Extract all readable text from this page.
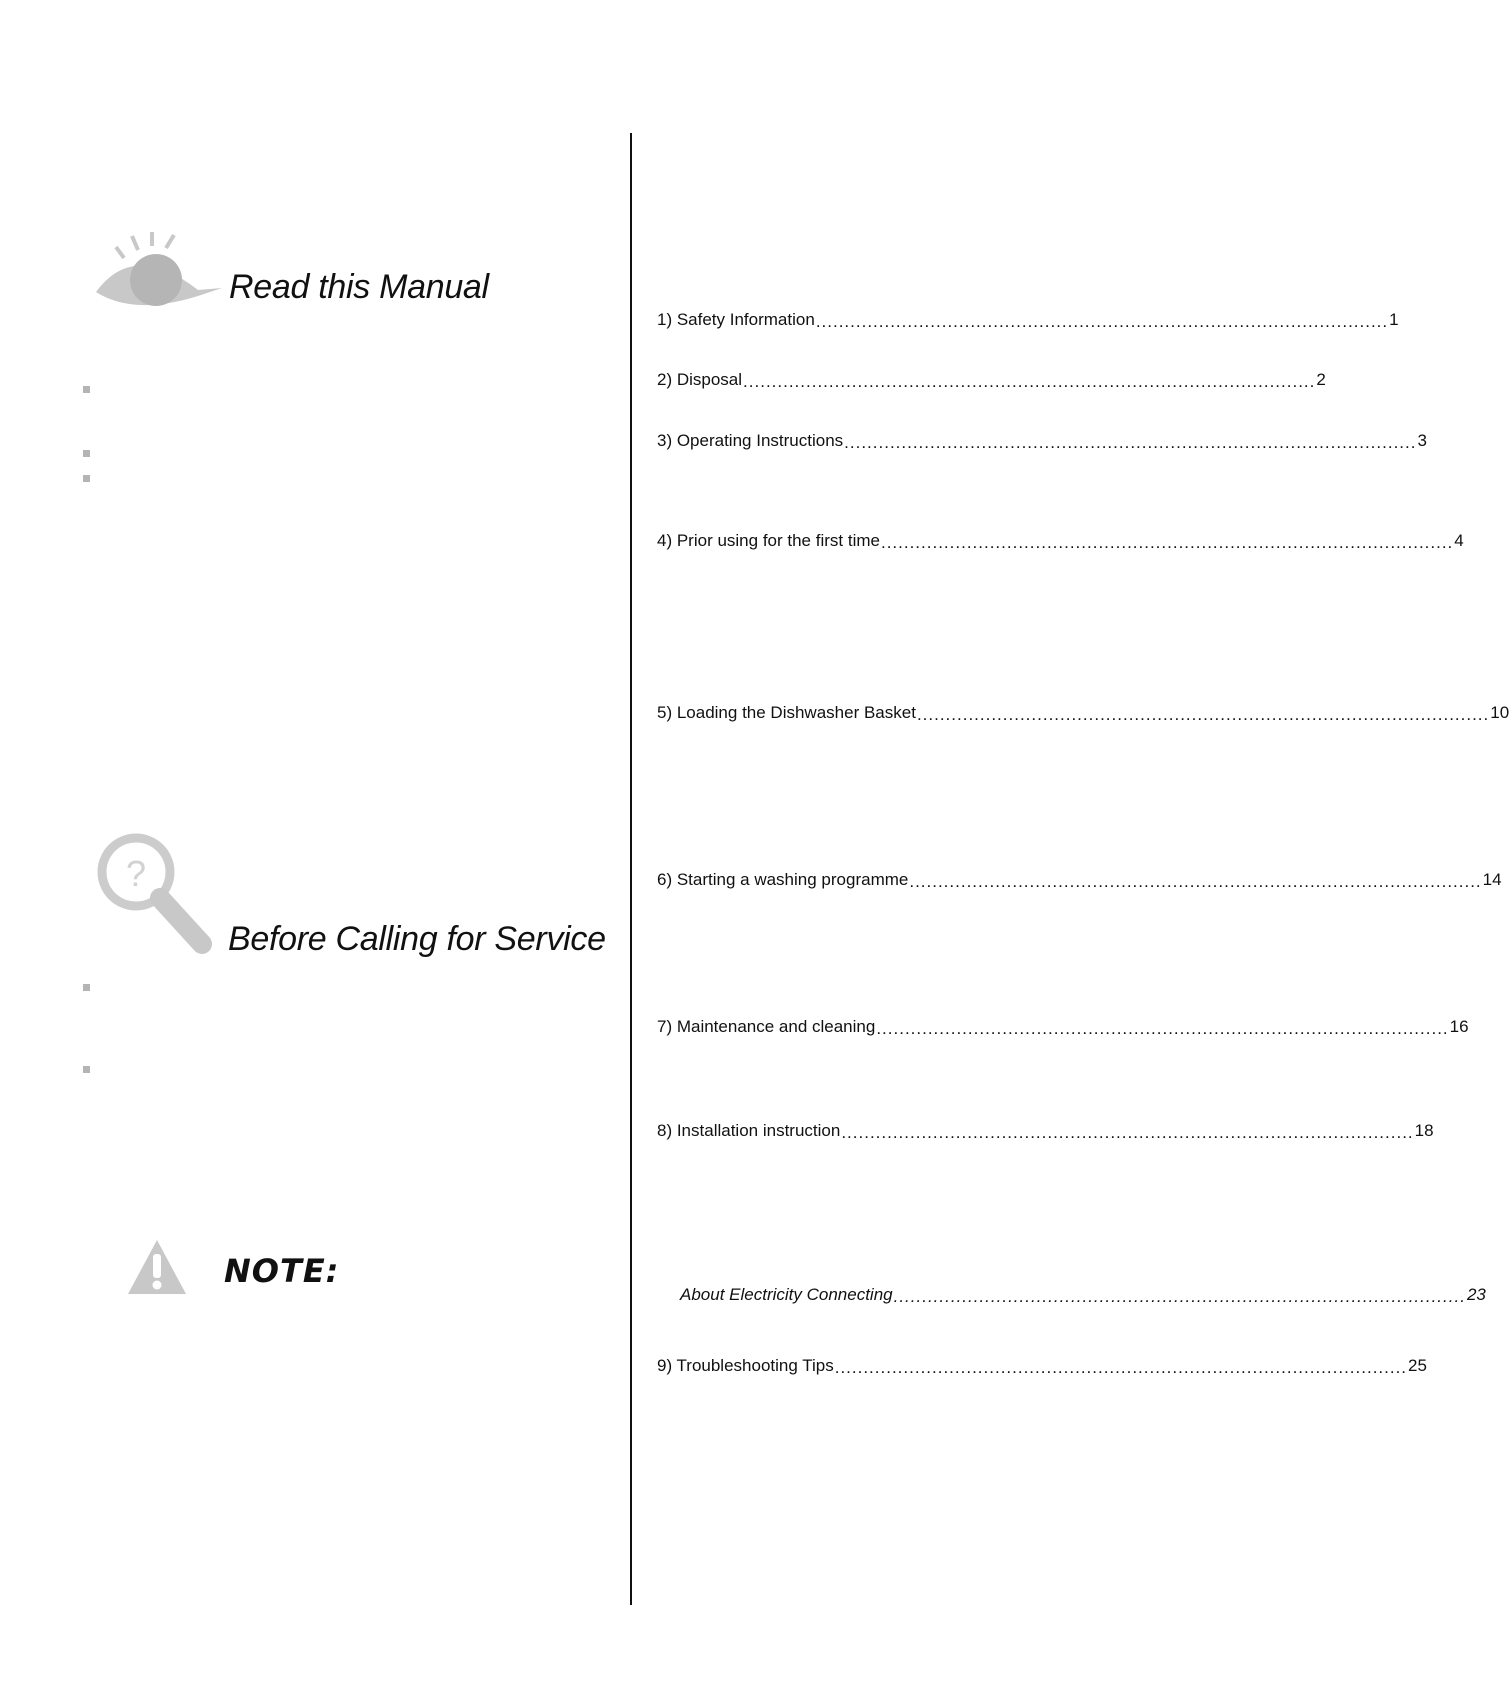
Read this Manual
?
Before Calling for Service
NOTE:
1) Safety Information .................................................................................................... 1
2) Disposal .................................................................................................... 2
3) Operating Instructions .................................................................................................... 3
4) Prior using for the first time .................................................................................................... 4
5) Loading the Dishwasher Basket .................................................................................................... 10
6) Starting a washing programme .................................................................................................... 14
7) Maintenance and cleaning .................................................................................................... 16
8) Installation instruction .................................................................................................... 18
About Electricity Connecting .................................................................................................... 23
9) Troubleshooting Tips .................................................................................................... 25
